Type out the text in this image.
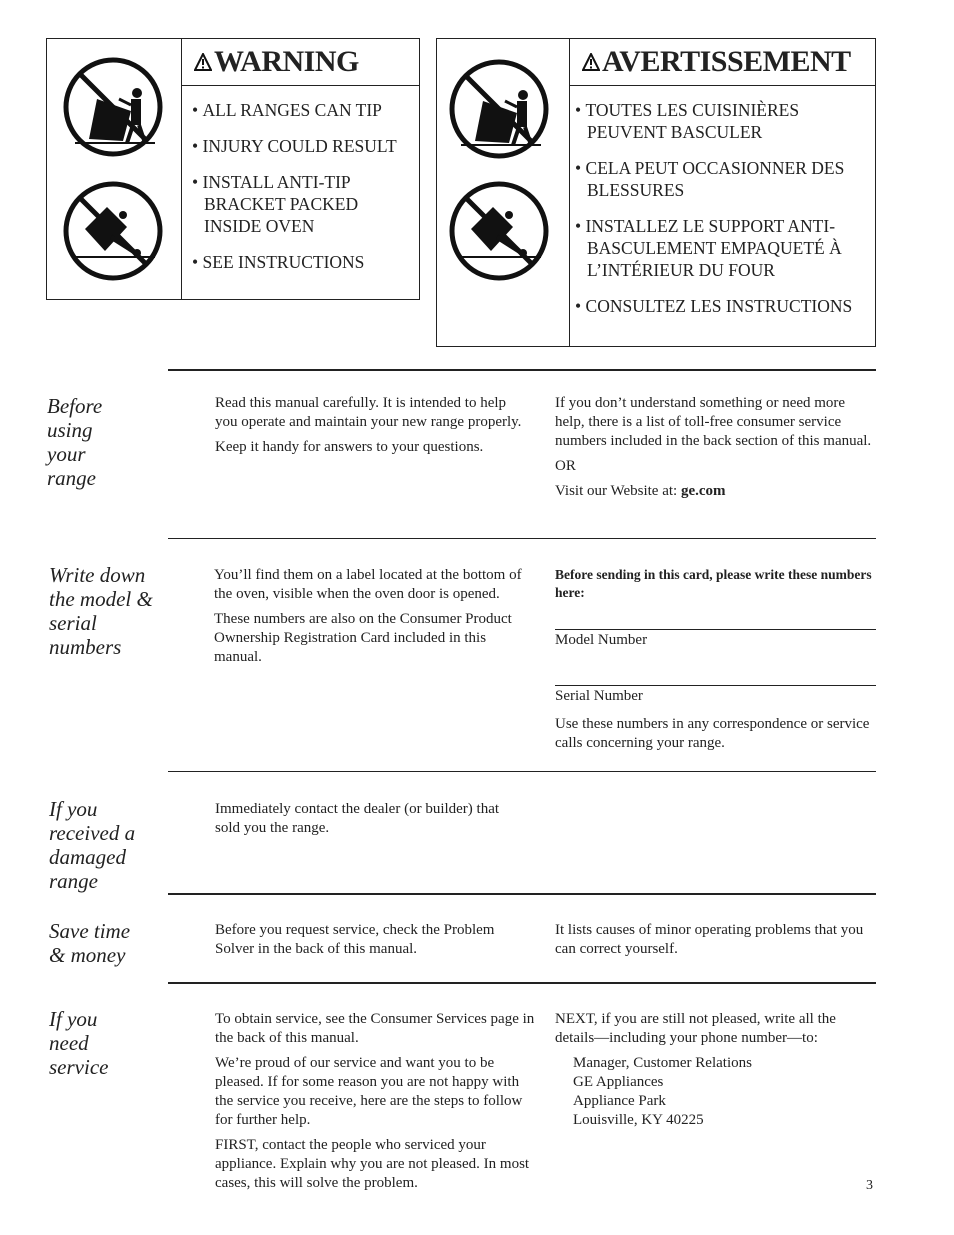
WARNING
• ALL RANGES CAN TIP
• INJURY COULD RESULT
• INSTALL ANTI-TIP BRACKET PACKED INSIDE OVEN
• SEE INSTRUCTIONS
AVERTISSEMENT
• TOUTES LES CUISINIÈRES PEUVENT BASCULER
• CELA PEUT OCCASIONNER DES BLESSURES
• INSTALLEZ LE SUPPORT ANTI-BASCULEMENT EMPAQUETÉ À L’INTÉRIEUR DU FOUR
• CONSULTEZ LES INSTRUCTIONS
Before using your range

Read this manual carefully. It is intended to help you operate and maintain your new range properly.

Keep it handy for answers to your questions.

If you don’t understand something or need more help, there is a list of toll-free consumer service numbers included in the back section of this manual.

OR

Visit our Website at: ge.com

Write down the model & serial numbers

You’ll find them on a label located at the bottom of the oven, visible when the oven door is opened.

These numbers are also on the Consumer Product Ownership Registration Card included in this manual.

Before sending in this card, please write these numbers here:
Model Number
Serial Number
Use these numbers in any correspondence or service calls concerning your range.
If you received a damaged range

Immediately contact the dealer (or builder) that sold you the range.

Save time & money

Before you request service, check the Problem Solver in the back of this manual.

It lists causes of minor operating problems that you can correct yourself.

If you need service

To obtain service, see the Consumer Services page in the back of this manual.

We’re proud of our service and want you to be pleased. If for some reason you are not happy with the service you receive, here are the steps to follow for further help.

FIRST, contact the people who serviced your appliance. Explain why you are not pleased. In most cases, this will solve the problem.

NEXT, if you are still not pleased, write all the details—including your phone number—to:

Manager, Customer Relations
GE Appliances
Appliance Park
Louisville, KY 40225
3
